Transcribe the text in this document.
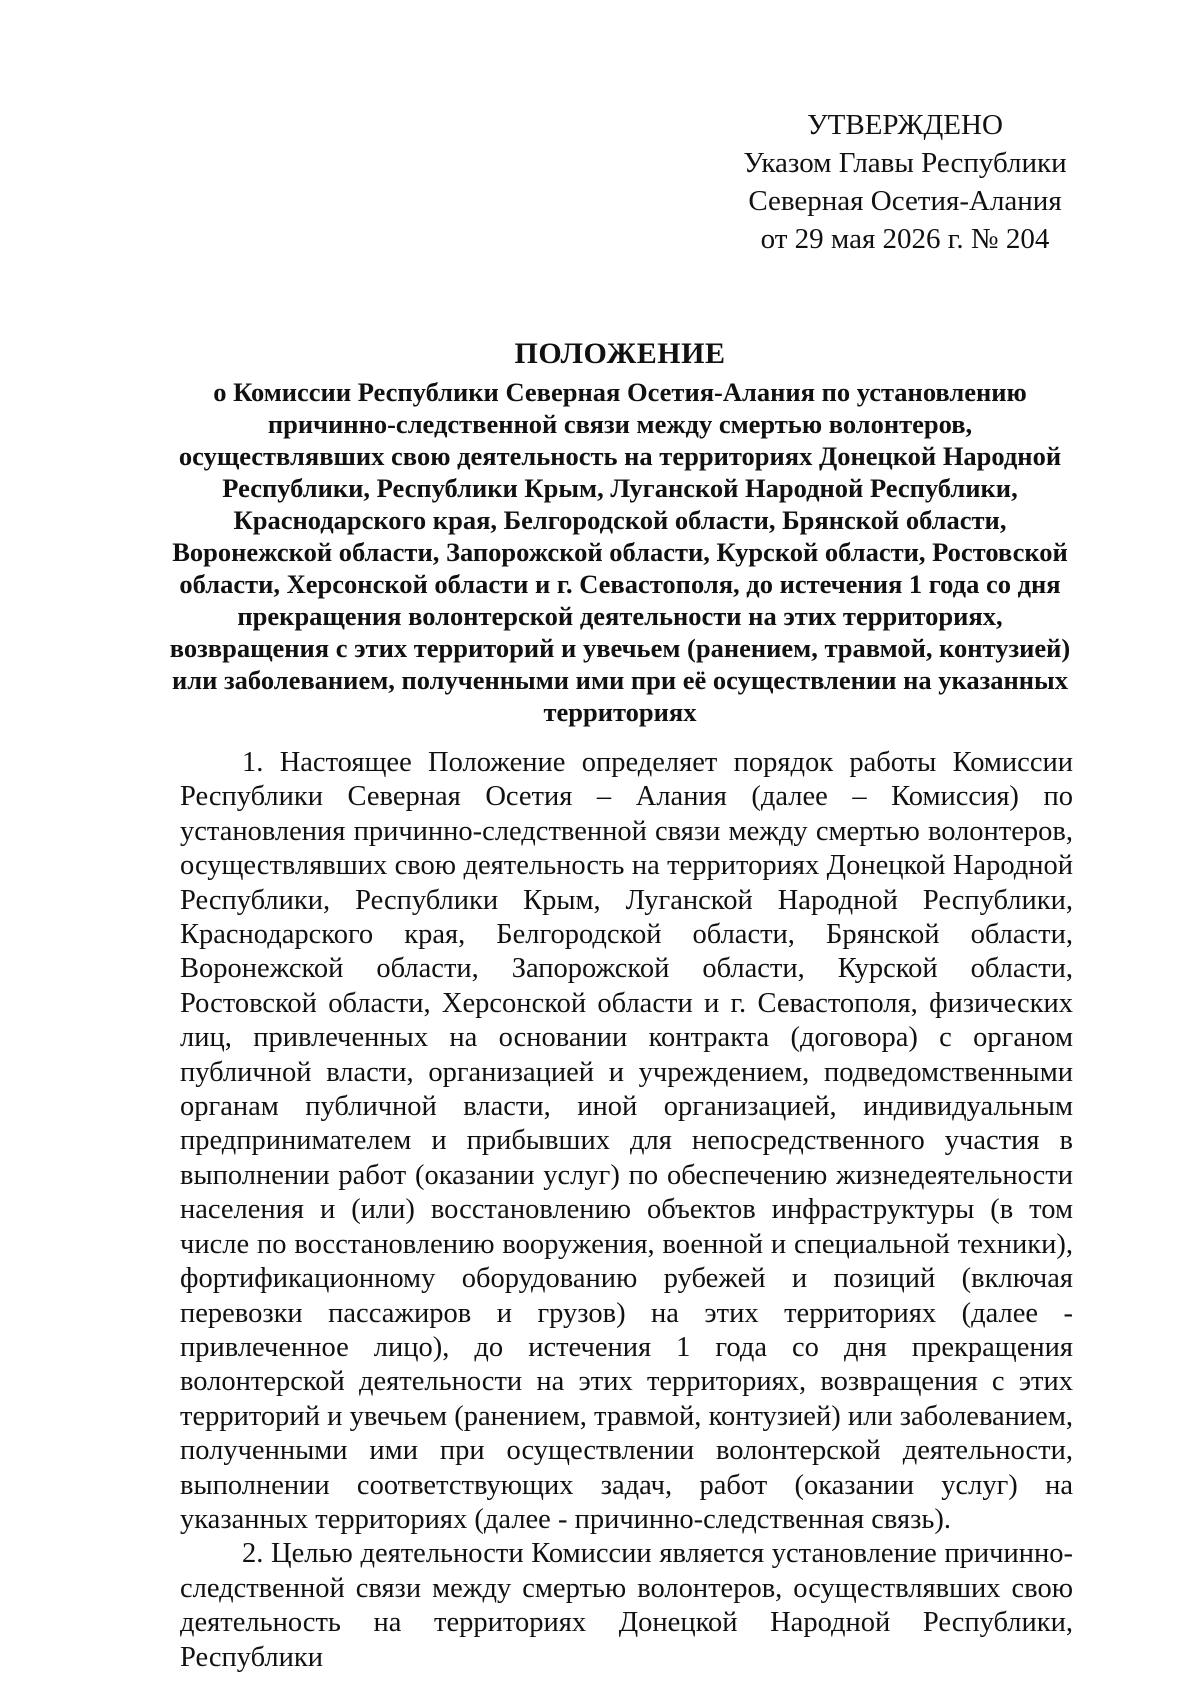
УТВЕРЖДЕНО
Указом Главы Республики
Северная Осетия-Алания
от 29 мая 2026 г. № 204
ПОЛОЖЕНИЕ
о Комиссии Республики Северная Осетия-Алания по установлению причинно-следственной связи между смертью волонтеров, осуществлявших свою деятельность на территориях Донецкой Народной Республики, Республики Крым, Луганской Народной Республики, Краснодарского края, Белгородской области, Брянской области, Воронежской области, Запорожской области, Курской области, Ростовской области, Херсонской области и г. Севастополя, до истечения 1 года со дня прекращения волонтерской деятельности на этих территориях, возвращения с этих территорий и увечьем (ранением, травмой, контузией) или заболеванием, полученными ими при её осуществлении на указанных территориях

1. Настоящее Положение определяет порядок работы Комиссии Республики Северная Осетия – Алания (далее – Комиссия) по установления причинно-следственной связи между смертью волонтеров, осуществлявших свою деятельность на территориях Донецкой Народной Республики, Республики Крым, Луганской Народной Республики, Краснодарского края, Белгородской области, Брянской области, Воронежской области, Запорожской области, Курской области, Ростовской области, Херсонской области и г. Севастополя, физических лиц, привлеченных на основании контракта (договора) с органом публичной власти, организацией и учреждением, подведомственными органам публичной власти, иной организацией, индивидуальным предпринимателем и прибывших для непосредственного участия в выполнении работ (оказании услуг) по обеспечению жизнедеятельности населения и (или) восстановлению объектов инфраструктуры (в том числе по восстановлению вооружения, военной и специальной техники), фортификационному оборудованию рубежей и позиций (включая перевозки пассажиров и грузов) на этих территориях (далее - привлеченное лицо), до истечения 1 года со дня прекращения волонтерской деятельности на этих территориях, возвращения с этих территорий и увечьем (ранением, травмой, контузией) или заболеванием, полученными ими при осуществлении волонтерской деятельности, выполнении соответствующих задач, работ (оказании услуг) на указанных территориях (далее - причинно-следственная связь).

2. Целью деятельности Комиссии является установление причинно-следственной связи между смертью волонтеров, осуществлявших свою деятельность на территориях Донецкой Народной Республики, Республики
